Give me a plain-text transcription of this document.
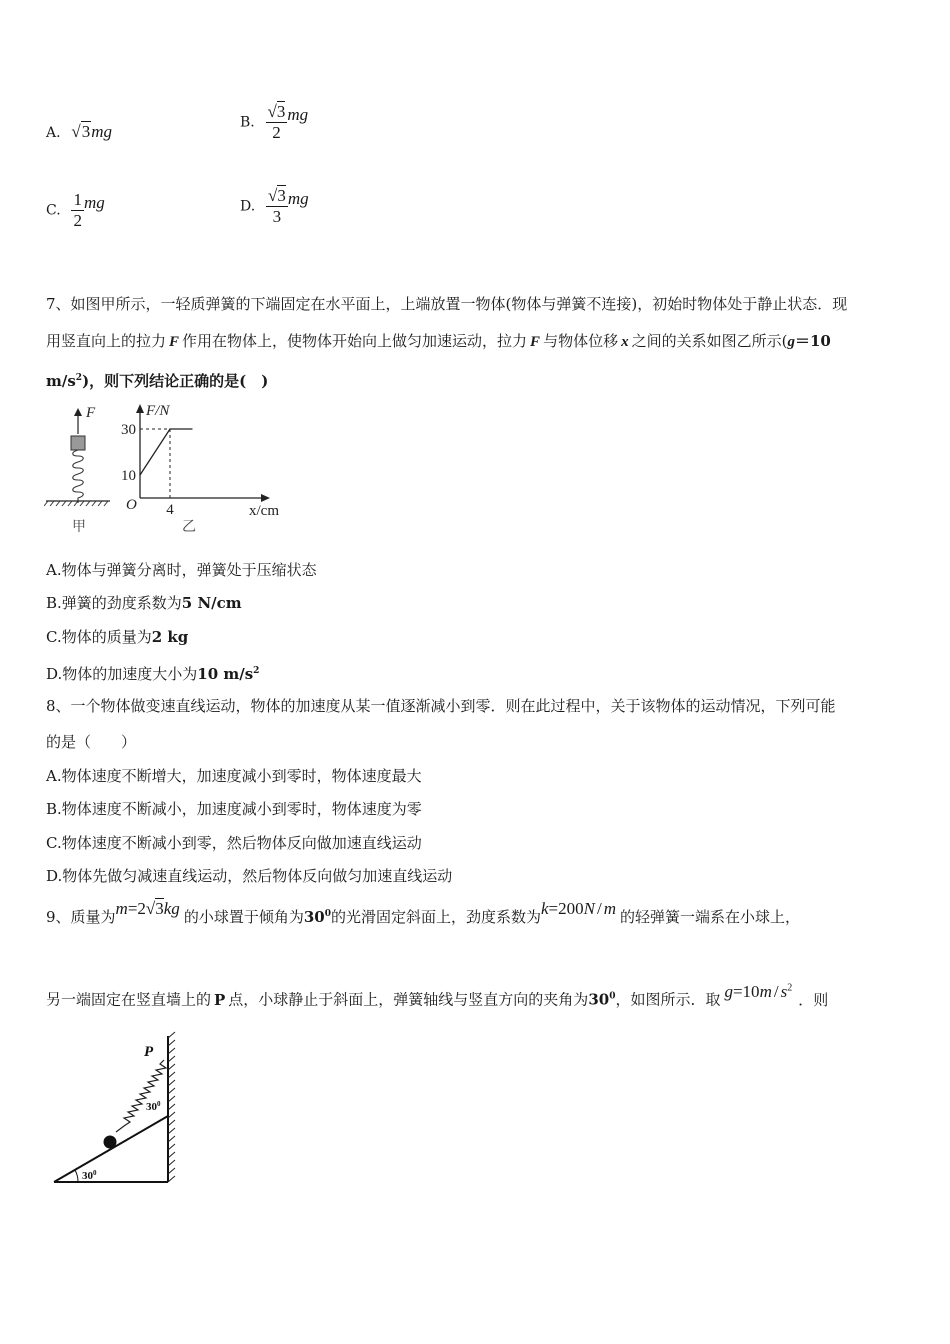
A. √3mg	B. $\frac{√3}{2}$ mg
C. $\frac{1}{2}$ mg	D. $\frac{√3}{3}$ mg
7、如图甲所示，一轻质弹簧的下端固定在水平面上，上端放置一物体(物体与弹簧不连接)，初始时物体处于静止状态．现
用竖直向上的拉力 F 作用在物体上，使物体开始向上做匀加速运动，拉力 F 与物体位移 x 之间的关系如图乙所示(g＝10
$m/s^2$)，则下列结论正确的是(　)
F
甲
F/N
x/cm
O
30
10
4
乙
A.物体与弹簧分离时，弹簧处于压缩状态
B.弹簧的劲度系数为5 N/cm
C.物体的质量为2 kg
D.物体的加速度大小为10 $m/s^2$
8、一个物体做变速直线运动，物体的加速度从某一值逐渐减小到零．则在此过程中，关于该物体的运动情况，下列可能
的是（　　）
A.物体速度不断增大，加速度减小到零时，物体速度最大
B.物体速度不断减小，加速度减小到零时，物体速度为零
C.物体速度不断减小到零，然后物体反向做加速直线运动
D.物体先做匀减速直线运动，然后物体反向做匀加速直线运动
9、质量为m=2√3kg 的小球置于倾角为$30^0$的光滑固定斜面上，劲度系数为k=200N / m 的轻弹簧一端系在小球上，
另一端固定在竖直墙上的 P 点，小球静止于斜面上，弹簧轴线与竖直方向的夹角为$30^0$，如图所示．取 $g=10m / s^2$．则
P
$30^0$
$30^0$
